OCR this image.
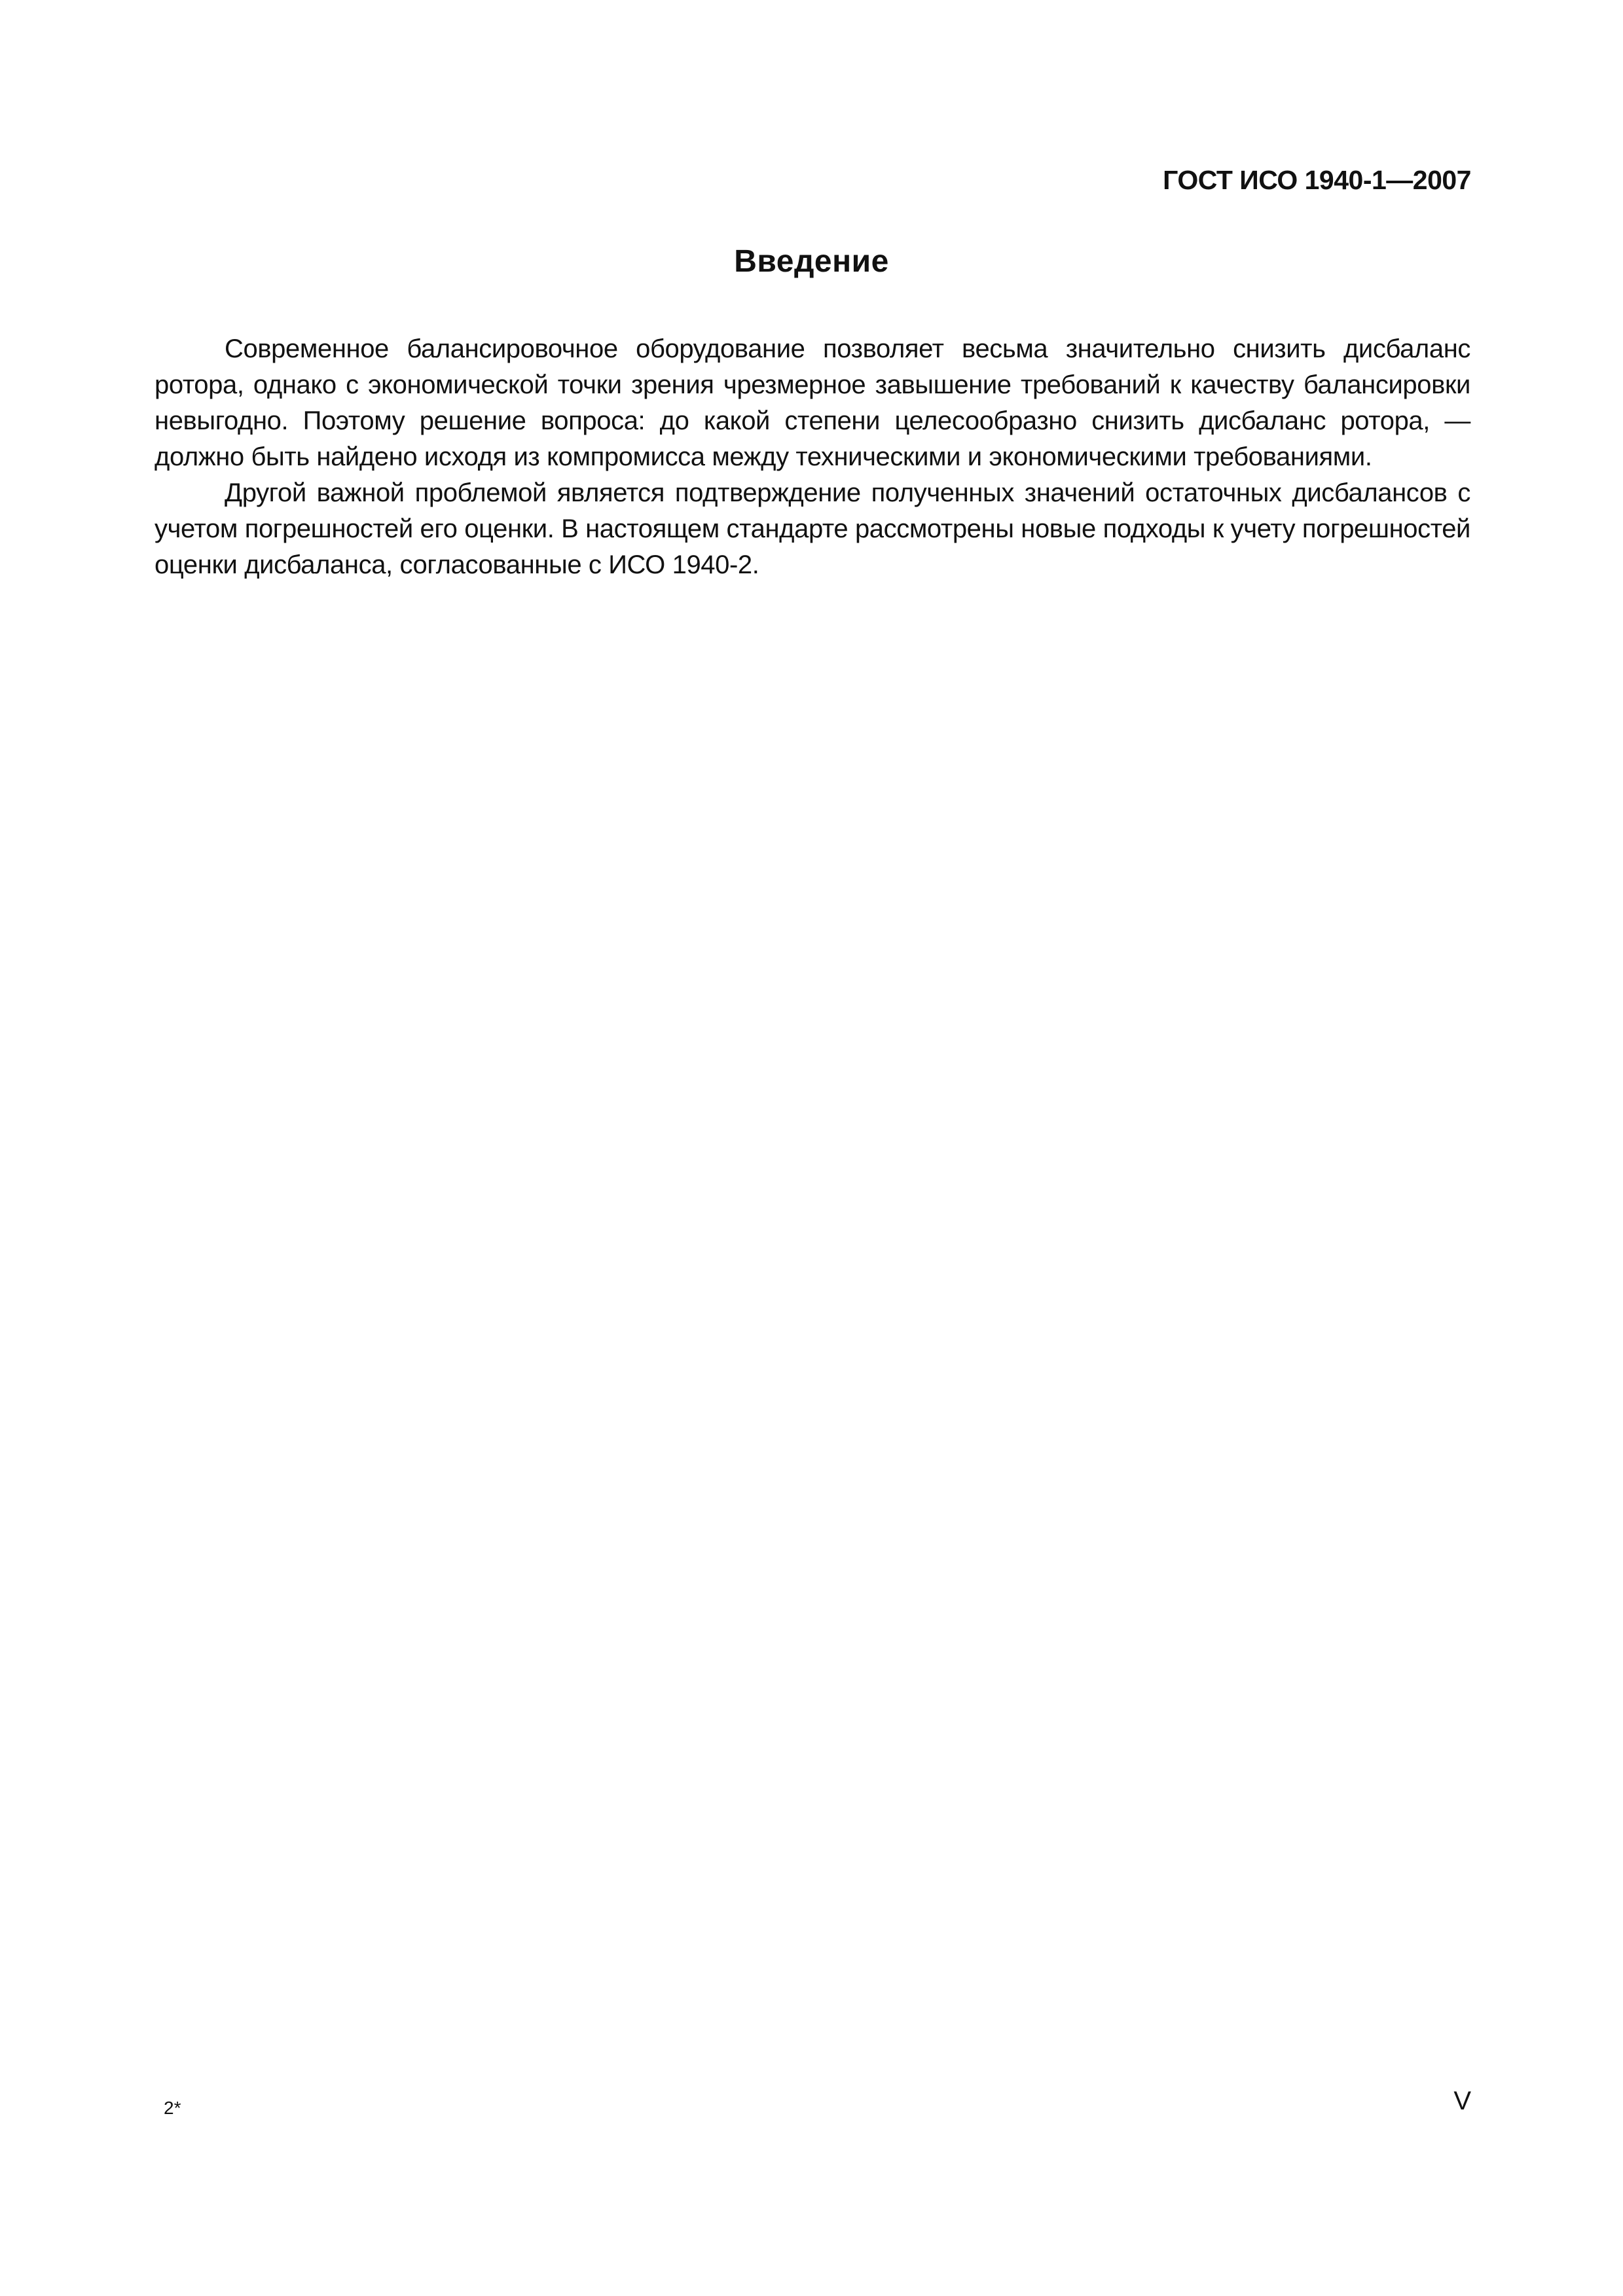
ГОСТ ИСО 1940-1—2007
Введение

Современное балансировочное оборудование позволяет весьма значительно снизить дисбаланс ротора, однако с экономической точки зрения чрезмерное завышение требований к качеству балансировки невыгодно. Поэтому решение вопроса: до какой степени целесообразно снизить дисбаланс ротора, — должно быть найдено исходя из компромисса между техническими и экономическими требованиями.

Другой важной проблемой является подтверждение полученных значений остаточных дисбалансов с учетом погрешностей его оценки. В настоящем стандарте рассмотрены новые подходы к учету погрешностей оценки дисбаланса, согласованные с ИСО 1940-2.

2*	V
